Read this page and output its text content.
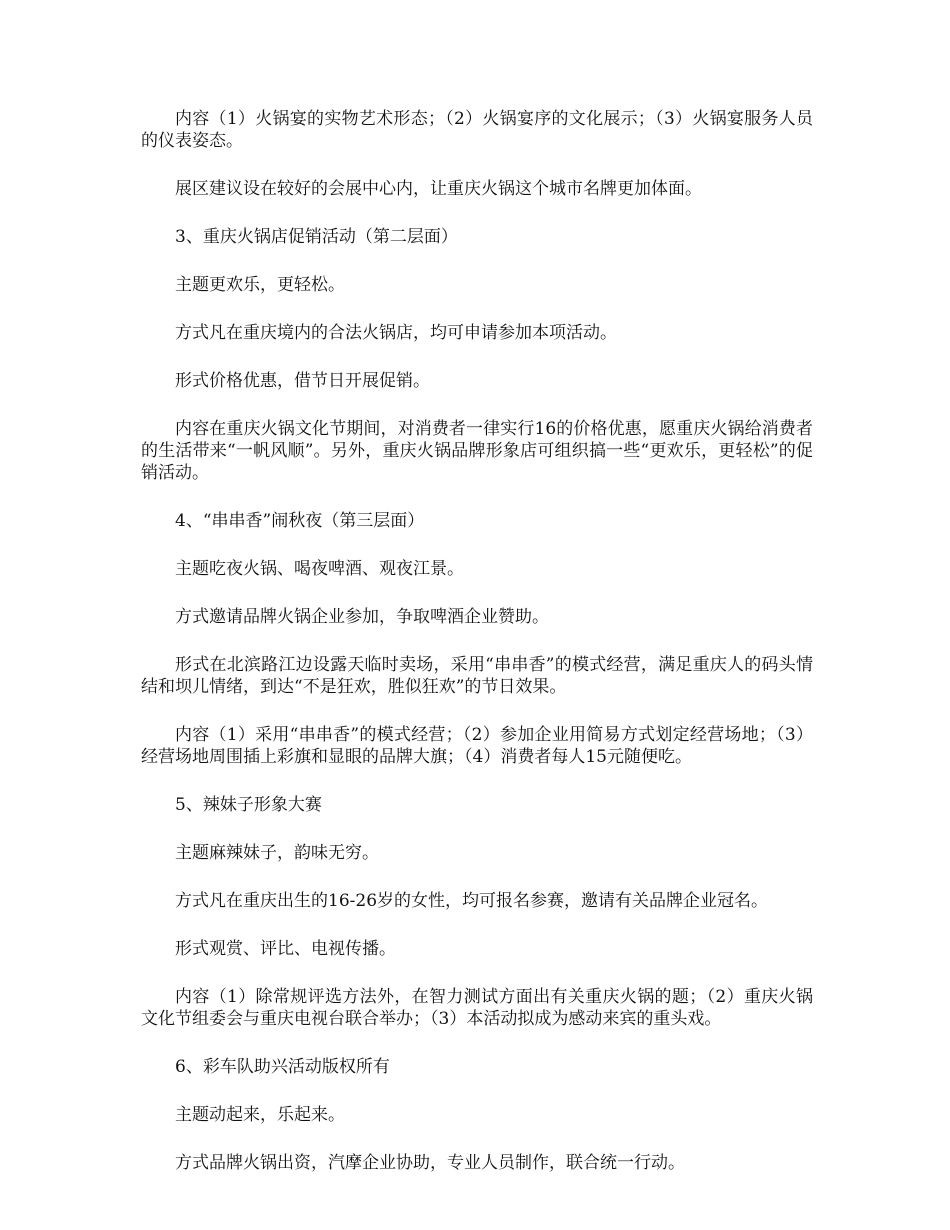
内容（1）火锅宴的实物艺术形态；（2）火锅宴序的文化展示；（3）火锅宴服务人员的仪表姿态。

展区建议设在较好的会展中心内，让重庆火锅这个城市名牌更加体面。

3、重庆火锅店促销活动（第二层面）

主题更欢乐，更轻松。

方式凡在重庆境内的合法火锅店，均可申请参加本项活动。

形式价格优惠，借节日开展促销。

内容在重庆火锅文化节期间，对消费者一律实行16的价格优惠，愿重庆火锅给消费者的生活带来“一帆风顺”。另外，重庆火锅品牌形象店可组织搞一些“更欢乐，更轻松”的促销活动。

4、“串串香”闹秋夜（第三层面）

主题吃夜火锅、喝夜啤酒、观夜江景。

方式邀请品牌火锅企业参加，争取啤酒企业赞助。

形式在北滨路江边设露天临时卖场，采用“串串香”的模式经营，满足重庆人的码头情结和坝儿情绪，到达“不是狂欢，胜似狂欢”的节日效果。

内容（1）采用“串串香”的模式经营；（2）参加企业用简易方式划定经营场地；（3）经营场地周围插上彩旗和显眼的品牌大旗；（4）消费者每人15元随便吃。

5、辣妹子形象大赛

主题麻辣妹子，韵味无穷。

方式凡在重庆出生的16-26岁的女性，均可报名参赛，邀请有关品牌企业冠名。

形式观赏、评比、电视传播。

内容（1）除常规评选方法外，在智力测试方面出有关重庆火锅的题；（2）重庆火锅文化节组委会与重庆电视台联合举办；（3）本活动拟成为感动来宾的重头戏。

6、彩车队助兴活动版权所有

主题动起来，乐起来。

方式品牌火锅出资，汽摩企业协助，专业人员制作，联合统一行动。
